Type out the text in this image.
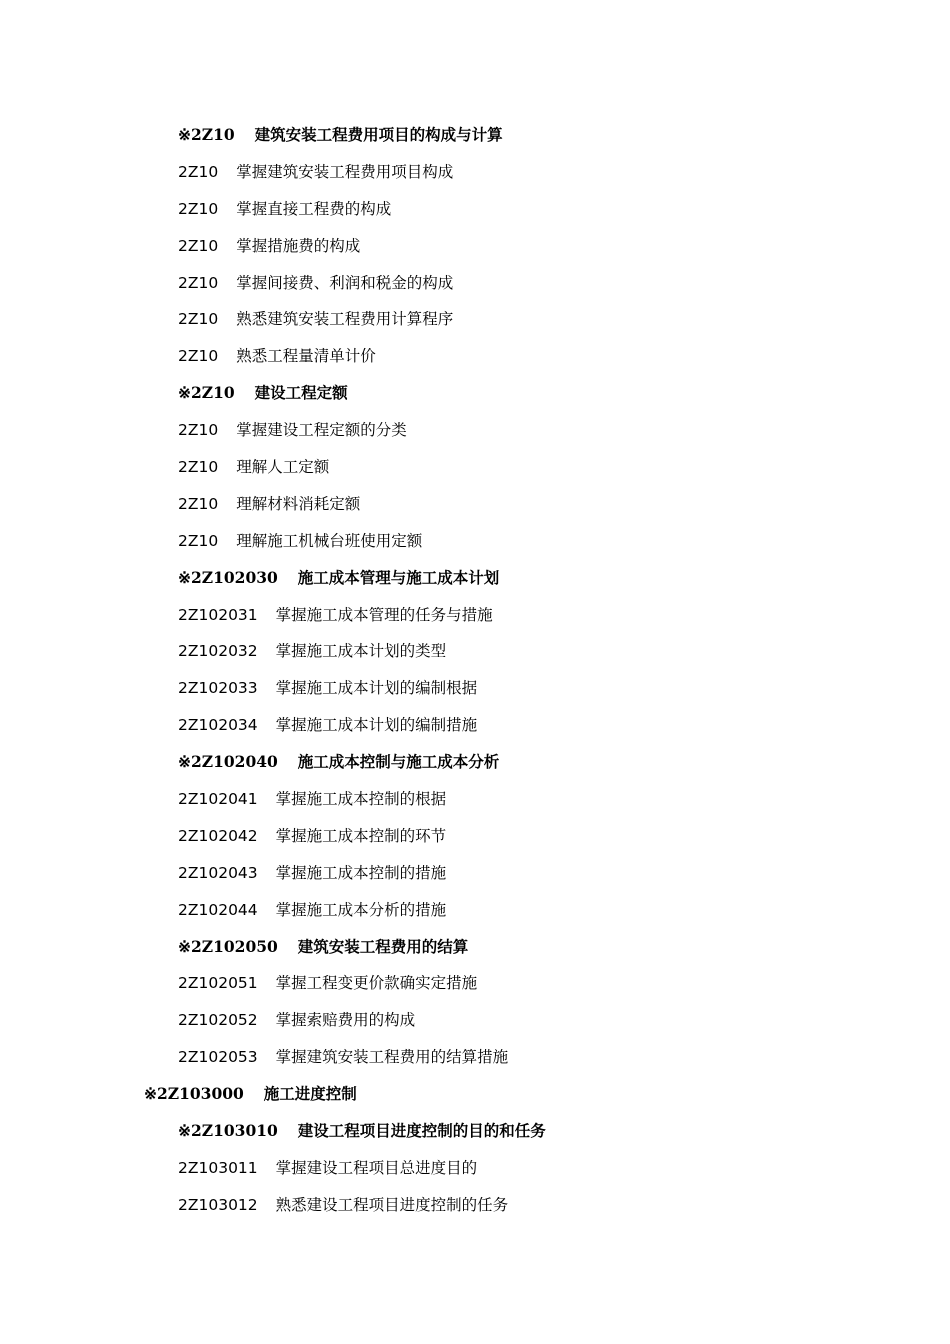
※2Z10 建筑安装工程费用项目的构成与计算
2Z10 掌握建筑安装工程费用项目构成
2Z10 掌握直接工程费的构成
2Z10 掌握措施费的构成
2Z10 掌握间接费、利润和税金的构成
2Z10 熟悉建筑安装工程费用计算程序
2Z10 熟悉工程量清单计价
※2Z10 建设工程定额
2Z10 掌握建设工程定额的分类
2Z10 理解人工定额
2Z10 理解材料消耗定额
2Z10 理解施工机械台班使用定额
※2Z102030 施工成本管理与施工成本计划
2Z102031 掌握施工成本管理的任务与措施
2Z102032 掌握施工成本计划的类型
2Z102033 掌握施工成本计划的编制根据
2Z102034 掌握施工成本计划的编制措施
※2Z102040 施工成本控制与施工成本分析
2Z102041 掌握施工成本控制的根据
2Z102042 掌握施工成本控制的环节
2Z102043 掌握施工成本控制的措施
2Z102044 掌握施工成本分析的措施
※2Z102050 建筑安装工程费用的结算
2Z102051 掌握工程变更价款确实定措施
2Z102052 掌握索赔费用的构成
2Z102053 掌握建筑安装工程费用的结算措施
※2Z103000 施工进度控制
※2Z103010 建设工程项目进度控制的目的和任务
2Z103011 掌握建设工程项目总进度目的
2Z103012 熟悉建设工程项目进度控制的任务
